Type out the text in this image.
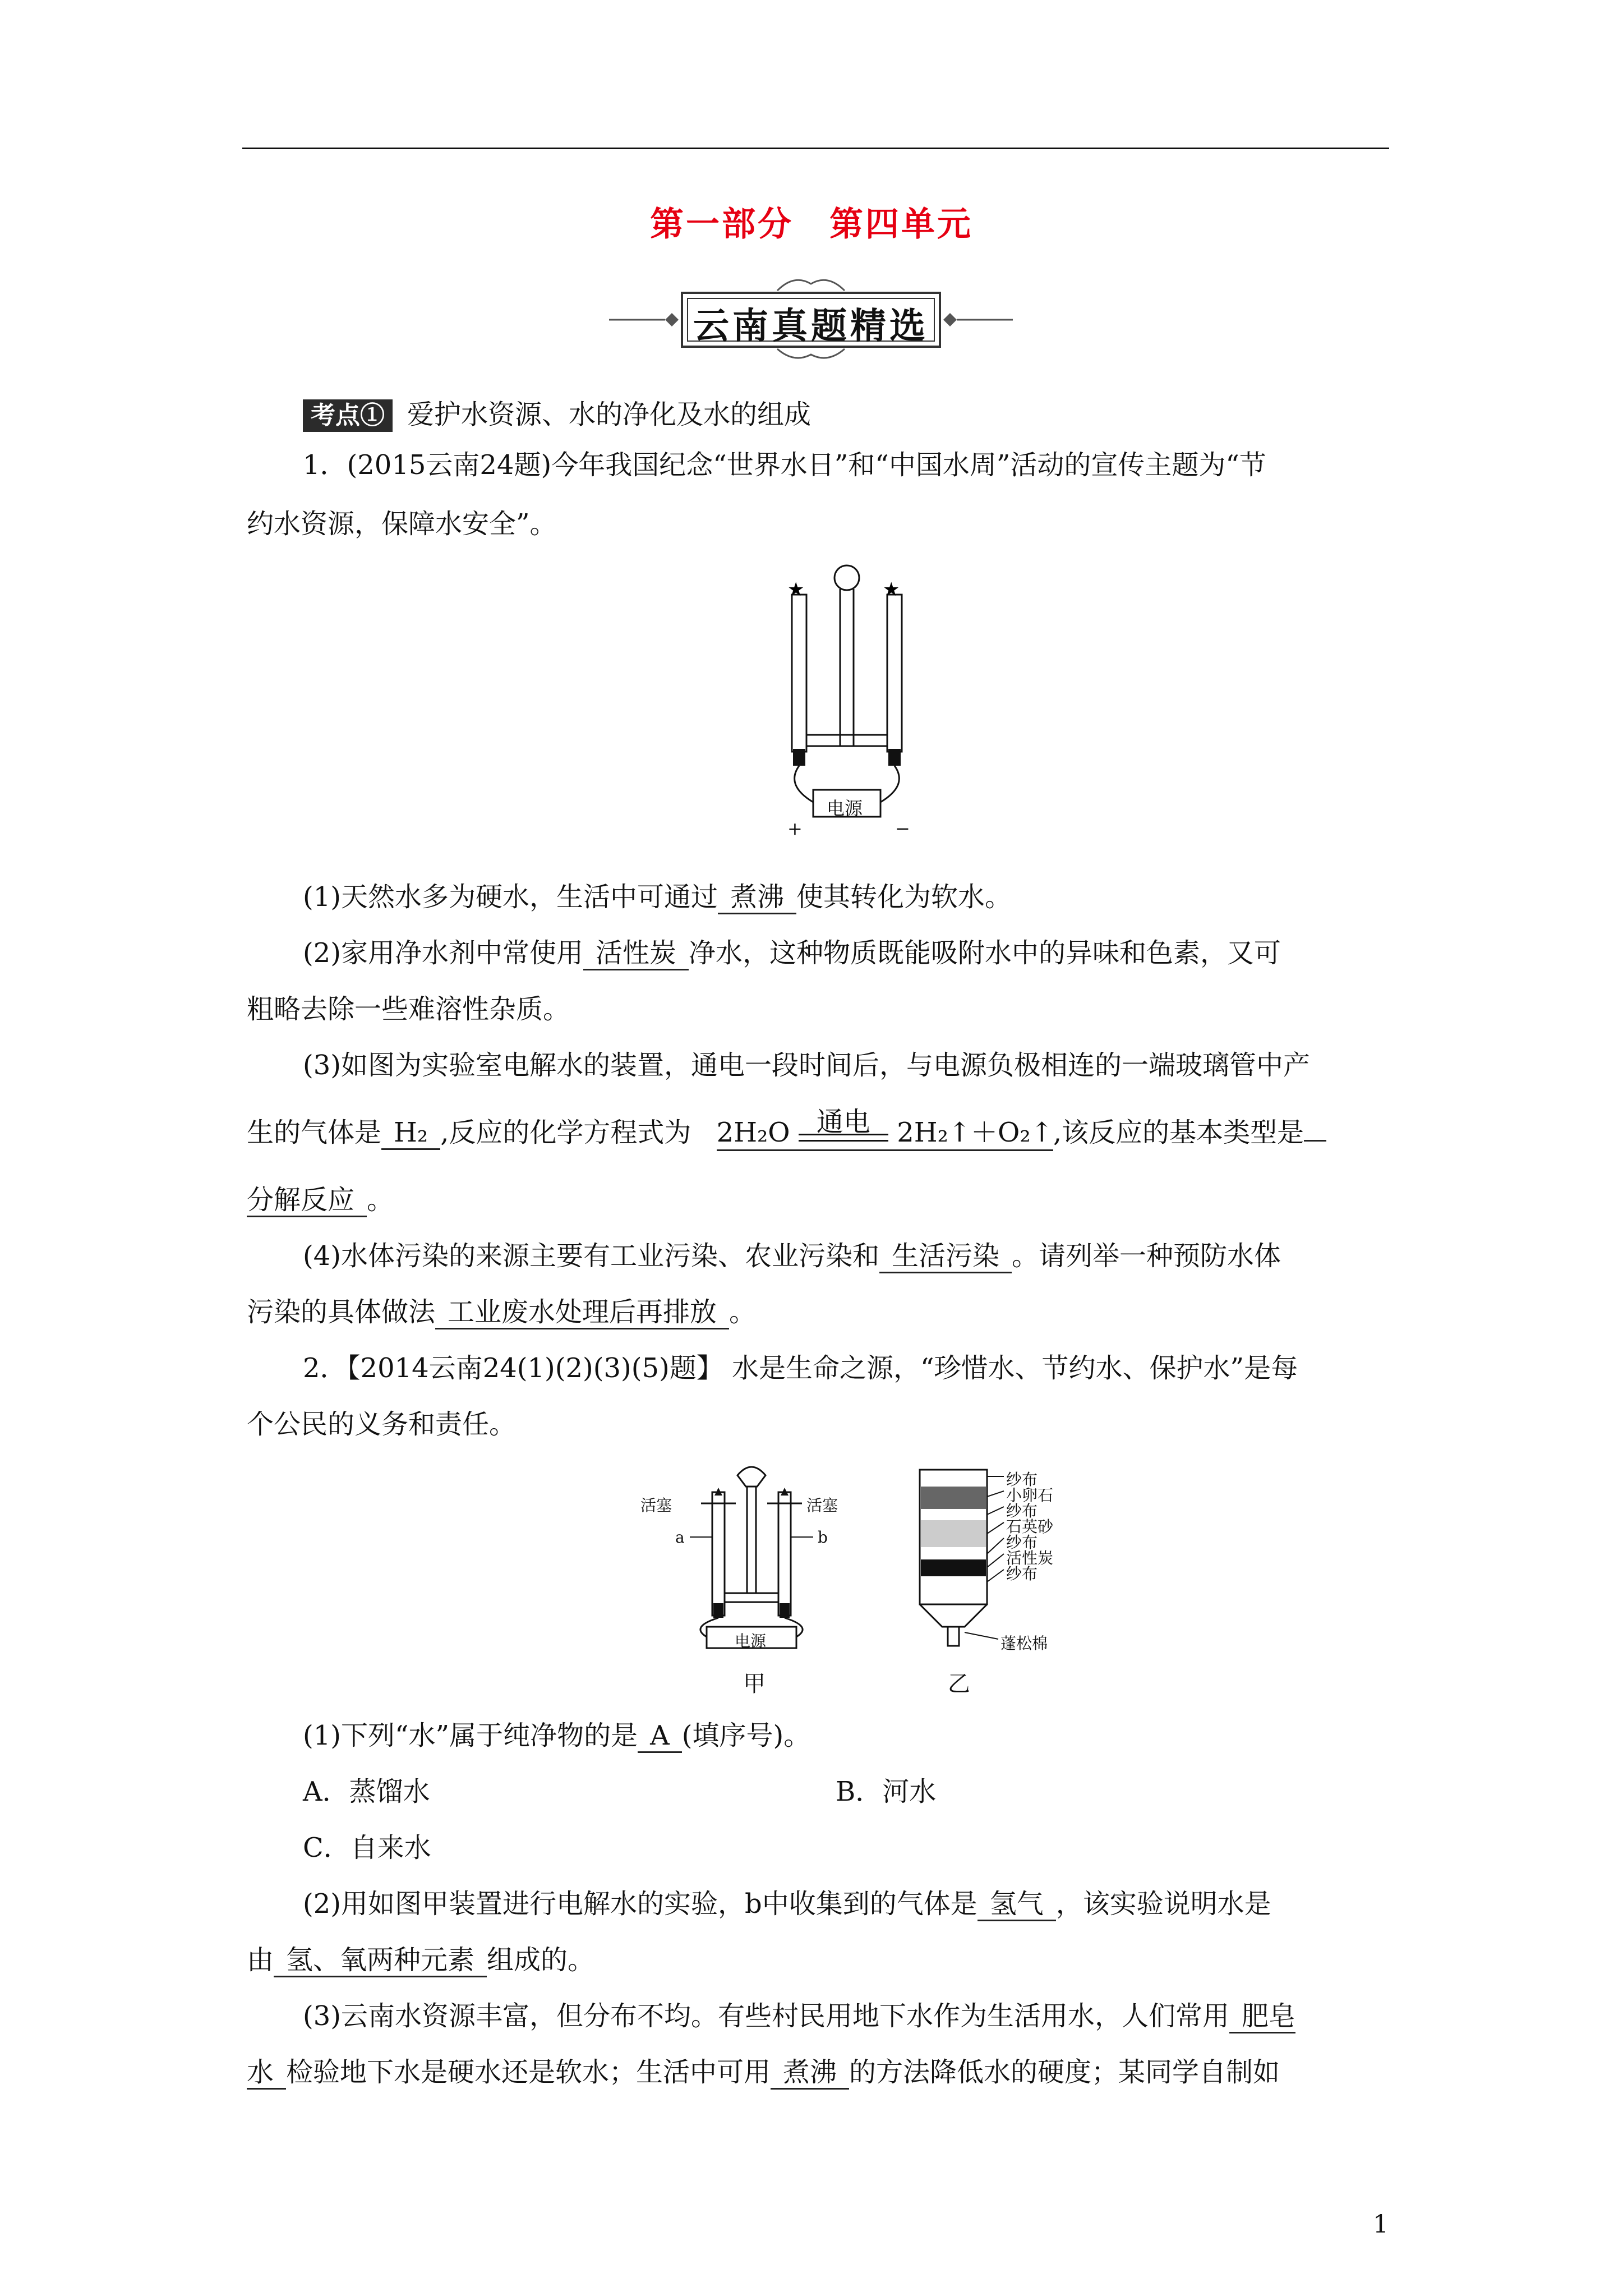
第一部分　第四单元
云南真题精选
考点① 爱护水资源、水的净化及水的组成
1．(2015云南24题)今年我国纪念“世界水日”和“中国水周”活动的宣传主题为“节
约水资源，保障水安全”。
★	★
电源
+	−
(1)天然水多为硬水，生活中可通过 煮沸 使其转化为软水。
(2)家用净水剂中常使用 活性炭 净水，这种物质既能吸附水中的异味和色素，又可
粗略去除一些难溶性杂质。
(3)如图为实验室电解水的装置，通电一段时间后，与电源负极相连的一端玻璃管中产
生的气体是 H₂ ,反应的化学方程式为 2H₂O 通电 2H₂↑＋O₂↑,该反应的基本类型是
分解反应 。
(4)水体污染的来源主要有工业污染、农业污染和 生活污染 。请列举一种预防水体
污染的具体做法 工业废水处理后再排放 。
2．【2014云南24(1)(2)(3)(5)题】 水是生命之源，“珍惜水、节约水、保护水”是每
个公民的义务和责任。
活塞	活塞
a	b
电源
甲
纱布
小卵石
纱布
石英砂
纱布
活性炭
纱布
蓬松棉
乙
(1)下列“水”属于纯净物的是 A (填序号)。
A．蒸馏水	B．河水
C．自来水
(2)用如图甲装置进行电解水的实验，b中收集到的气体是 氢气 ，该实验说明水是
由 氢、氧两种元素 组成的。
(3)云南水资源丰富，但分布不均。有些村民用地下水作为生活用水，人们常用 肥皂
水 检验地下水是硬水还是软水；生活中可用 煮沸 的方法降低水的硬度；某同学自制如
1
